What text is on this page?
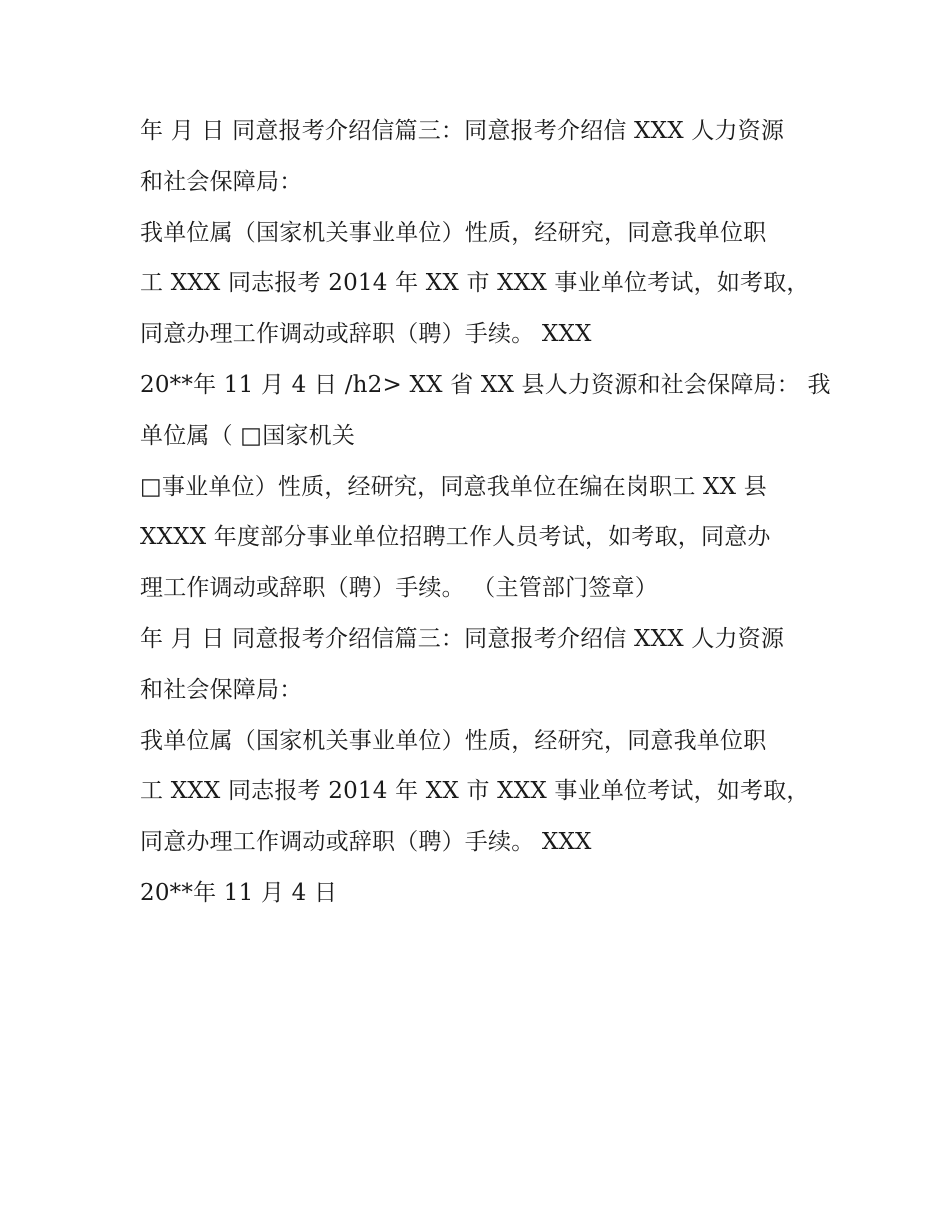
年 月 日 同意报考介绍信篇三：同意报考介绍信 XXX 人力资源
和社会保障局：
我单位属（国家机关事业单位）性质，经研究，同意我单位职
工 XXX 同志报考 2014 年 XX 市 XXX 事业单位考试，如考取，
同意办理工作调动或辞职（聘）手续。 XXX
20**年 11 月 4 日 /h2> XX 省 XX 县人力资源和社会保障局： 我
单位属（ □国家机关
□事业单位）性质，经研究，同意我单位在编在岗职工 XX 县
XXXX 年度部分事业单位招聘工作人员考试，如考取，同意办
理工作调动或辞职（聘）手续。 （主管部门签章）
年 月 日 同意报考介绍信篇三：同意报考介绍信 XXX 人力资源
和社会保障局：
我单位属（国家机关事业单位）性质，经研究，同意我单位职
工 XXX 同志报考 2014 年 XX 市 XXX 事业单位考试，如考取，
同意办理工作调动或辞职（聘）手续。 XXX
20**年 11 月 4 日
